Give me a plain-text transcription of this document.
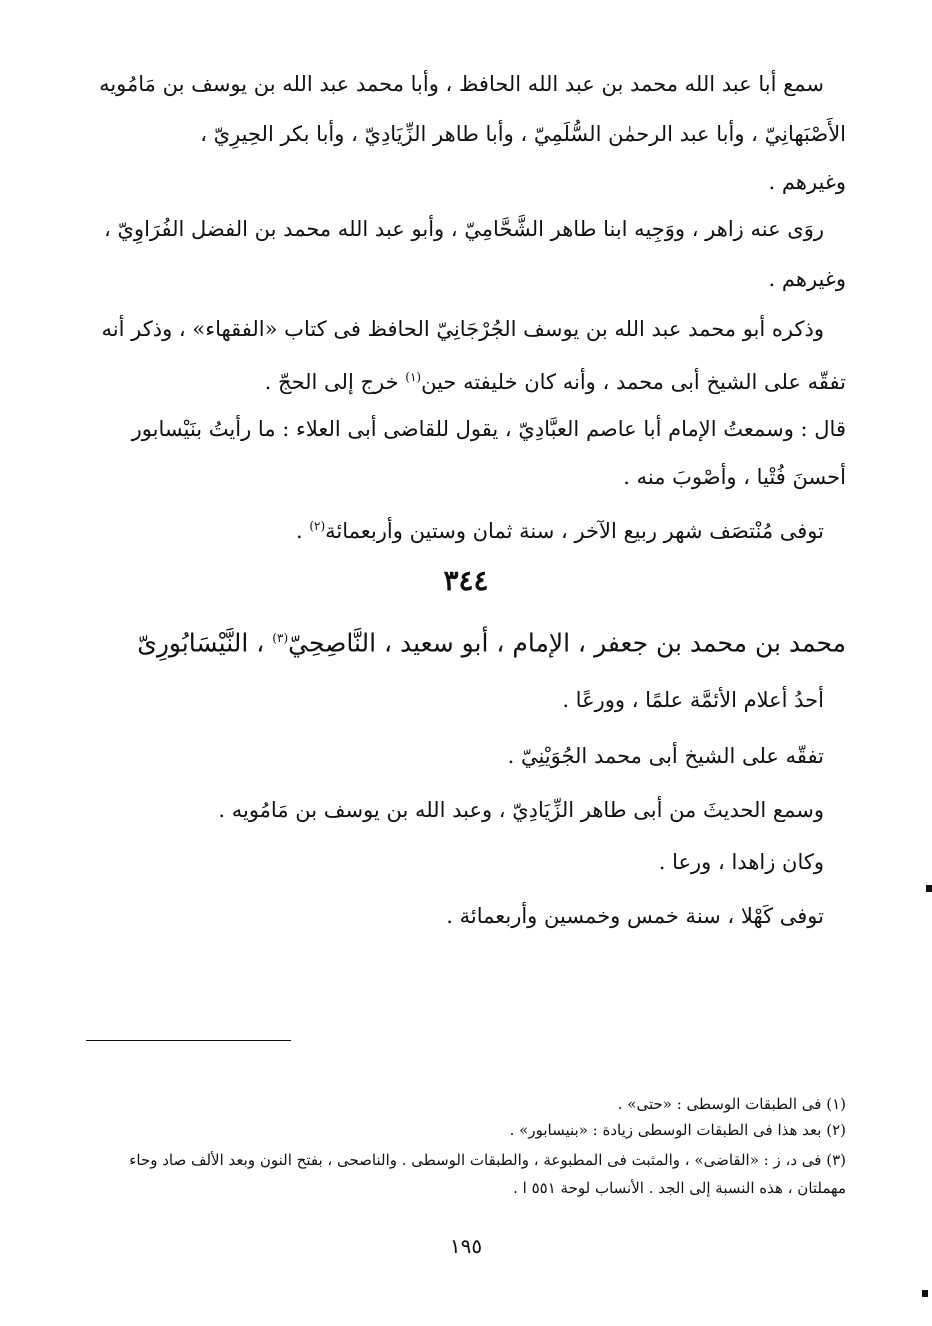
سمع أبا عبد الله محمد بن عبد الله الحافظ ، وأبا محمد عبد الله بن يوسف بن مَامُويه
الأَصْبَهانِيّ ، وأبا عبد الرحمٰن السُّلَمِيّ ، وأبا طاهر الزِّيَادِيّ ، وأبا بكر الحِيرِيّ ،
وغيرهم .
روَى عنه زاهر ، ووَجِيه ابنا طاهر الشَّحَّامِيّ ، وأبو عبد الله محمد بن الفضل الفُرَاوِيّ ،
وغيرهم .
وذكره أبو محمد عبد الله بن يوسف الجُرْجَانِيّ الحافظ فى كتاب «الفقهاء» ، وذكر أنه
تفقّه على الشيخ أبى محمد ، وأنه كان خليفته حين$^{(١)}$ خرج إلى الحجّ .
قال : وسمعتُ الإمام أبا عاصم العبَّادِيّ ، يقول للقاضى أبى العلاء : ما رأيتُ بنَيْسابور
أحسنَ فُتْيا ، وأصْوبَ منه .
توفى مُنْتصَف شهر ربيع الآخر ، سنة ثمان وستين وأربعمائة$^{(٢)}$ .
٣٤٤
محمد بن محمد بن جعفر ، الإمام ، أبو سعيد ، النَّاصِحِيّ$^{(٣)}$ ، النَّيْسَابُورِىّ
أحدُ أعلام الأئمَّة علمًا ، وورعًا .
تفقّه على الشيخ أبى محمد الجُوَيْنِيّ .
وسمع الحديثَ من أبى طاهر الزِّيَادِيّ ، وعبد الله بن يوسف بن مَامُويه .
وكان زاهدا ، ورعا .
توفى كَهْلا ، سنة خمس وخمسين وأربعمائة .
(١) فى الطبقات الوسطى : «حتى» .
(٢) بعد هذا فى الطبقات الوسطى زيادة : «بنيسابور» .
(٣) فى د، ز : «القاضى» ، والمثبت فى المطبوعة ، والطبقات الوسطى . والناصحى ، بفتح النون وبعد الألف صاد وحاء
مهملتان ، هذه النسبة إلى الجد . الأنساب لوحة ٥٥١ ا .
١٩٥
